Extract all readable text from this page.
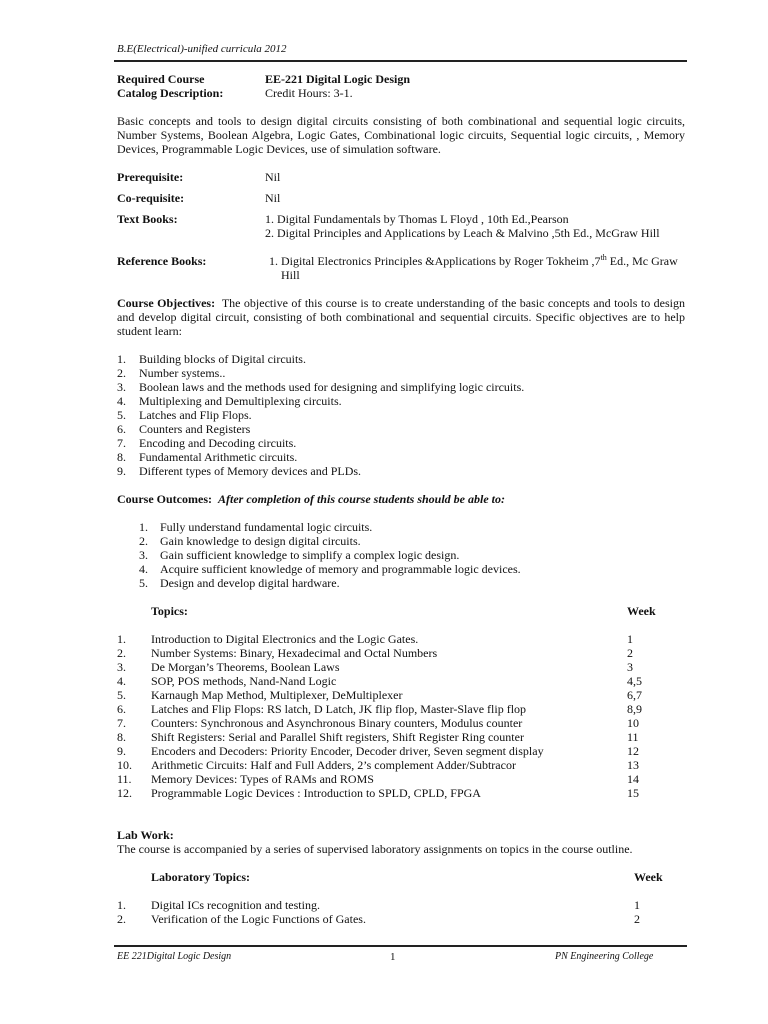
B.E(Electrical)-unified curricula 2012
Required Course	EE-221 Digital Logic Design
Catalog Description:	Credit Hours: 3-1.
Basic concepts and tools to design digital circuits consisting of both combinational and sequential logic circuits, Number Systems, Boolean Algebra, Logic Gates, Combinational logic circuits, Sequential logic circuits, , Memory Devices, Programmable Logic Devices, use of simulation software.
Prerequisite:	Nil
Co-requisite:	Nil
Text Books:	1. Digital Fundamentals by Thomas L Floyd , 10th Ed.,Pearson
2. Digital Principles and Applications by Leach & Malvino ,5th Ed., McGraw Hill
Reference Books:	1. Digital Electronics Principles &Applications by Roger Tokheim ,7th Ed., Mc Graw
Hill
Course Objectives: The objective of this course is to create understanding of the basic concepts and tools to design and develop digital circuit, consisting of both combinational and sequential circuits. Specific objectives are to help student learn:
1. Building blocks of Digital circuits.
2. Number systems..
3. Boolean laws and the methods used for designing and simplifying logic circuits.
4. Multiplexing and Demultiplexing circuits.
5. Latches and Flip Flops.
6. Counters and Registers
7. Encoding and Decoding circuits.
8. Fundamental Arithmetic circuits.
9. Different types of Memory devices and PLDs.
Course Outcomes: After completion of this course students should be able to:
1. Fully understand fundamental logic circuits.
2. Gain knowledge to design digital circuits.
3. Gain sufficient knowledge to simplify a complex logic design.
4. Acquire sufficient knowledge of memory and programmable logic devices.
5. Design and develop digital hardware.
Topics:	Week
1. Introduction to Digital Electronics and the Logic Gates.	1
2. Number Systems: Binary, Hexadecimal and Octal Numbers	2
3. De Morgan’s Theorems, Boolean Laws	3
4. SOP, POS methods, Nand-Nand Logic	4,5
5. Karnaugh Map Method, Multiplexer, DeMultiplexer	6,7
6. Latches and Flip Flops: RS latch, D Latch, JK flip flop, Master-Slave flip flop	8,9
7. Counters: Synchronous and Asynchronous Binary counters, Modulus counter	10
8. Shift Registers: Serial and Parallel Shift registers, Shift Register Ring counter	11
9. Encoders and Decoders: Priority Encoder, Decoder driver, Seven segment display	12
10. Arithmetic Circuits: Half and Full Adders, 2’s complement Adder/Subtracor	13
11. Memory Devices: Types of RAMs and ROMS	14
12. Programmable Logic Devices : Introduction to SPLD, CPLD, FPGA	15
Lab Work:
The course is accompanied by a series of supervised laboratory assignments on topics in the course outline.
Laboratory Topics:	Week
1. Digital ICs recognition and testing.	1
2. Verification of the Logic Functions of Gates.	2
EE 221Digital Logic Design	1	PN Engineering College
